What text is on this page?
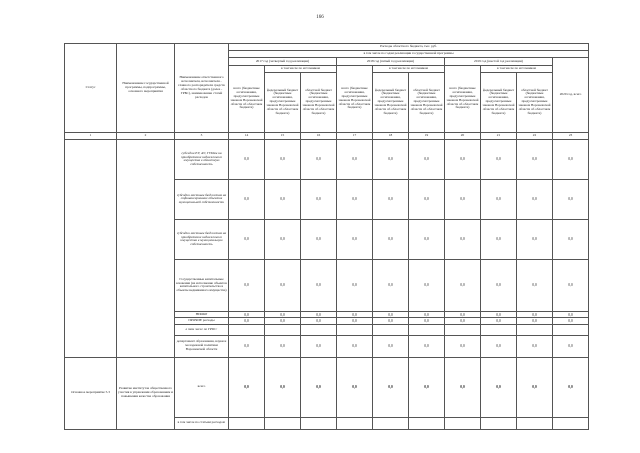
166
Статус	Наименование государственной программы, подпрограммы, основного мероприятия	Наименование ответственного исполнителя, исполнителя - главного распорядителя средств областного бюджета (далее - ГРБС), наименование статей расходов	Расходы областного бюджета, тыс. руб.									
			в том числе по годам реализации государственной программы									
			2017 год (четвертый год реализации)			2018 год (пятый год реализации)			2019 год (шестой год реализации)			2020 год, всего
			всего (бюджетные ассигнования, предусмотренные законом Воронежской области об областном бюджете)	в том числе по источникам		всего (бюджетные ассигнования, предусмотренные законом Воронежской области об областном бюджете)	в том числе по источникам		всего (бюджетные ассигнования, предусмотренные законом Воронежской области об областном бюджете)	в том числе по источникам		
				федеральный бюджет (бюджетные ассигнования, предусмотренные законом Воронежской области об областном бюджете)	областной бюджет (бюджетные ассигнования, предусмотренные законом Воронежской области об областном бюджете)		федеральный бюджет (бюджетные ассигнования, предусмотренные законом Воронежской области об областном бюджете)	областной бюджет (бюджетные ассигнования, предусмотренные законом Воронежской области об областном бюджете)		федеральный бюджет (бюджетные ассигнования, предусмотренные законом Воронежской области об областном бюджете)	областной бюджет (бюджетные ассигнования, предусмотренные законом Воронежской области об областном бюджете)	
1	2	3	14	15	16	17	18	19	20	21	22	23
		субсидии ЕУ, АУ, ГУПам на приобретение недвижимого имущества в областную собственность	0,0	0,0	0,0	0,0	0,0	0,0	0,0	0,0	0,0	0,0
		субсидии местным бюджетам на софинансирование объектов муниципальной собственности	0,0	0,0	0,0	0,0	0,0	0,0	0,0	0,0	0,0	0,0
		субсидии местным бюджетам на приобретение недвижимого имущества в муниципальную собственность	0,0	0,0	0,0	0,0	0,0	0,0	0,0	0,0	0,0	0,0
		Государственные капитальные вложения (на исполнение объектов капитального строительства в объекты недвижимого имущества)	0,0	0,0	0,0	0,0	0,0	0,0	0,0	0,0	0,0	0,0
		НИОКР	0,0	0,0	0,0	0,0	0,0	0,0	0,0	0,0	0,0	0,0
		ПРОЧИЕ расходы	0,0	0,0	0,0	0,0	0,0	0,0	0,0	0,0	0,0	0,0
		в том числе по ГРБС:										
		департамент образования, науки и молодежной политики Воронежской области	0,0	0,0	0,0	0,0	0,0	0,0	0,0	0,0	0,0	0,0
Основное мероприятие 5.3	Развитие институтов общественного участия в управлении образованием и повышении качества образования	всего	0,0	0,0	0,0	0,0	0,0	0,0	0,0	0,0	0,0	0,0
		в том числе по статьям расходов:										
